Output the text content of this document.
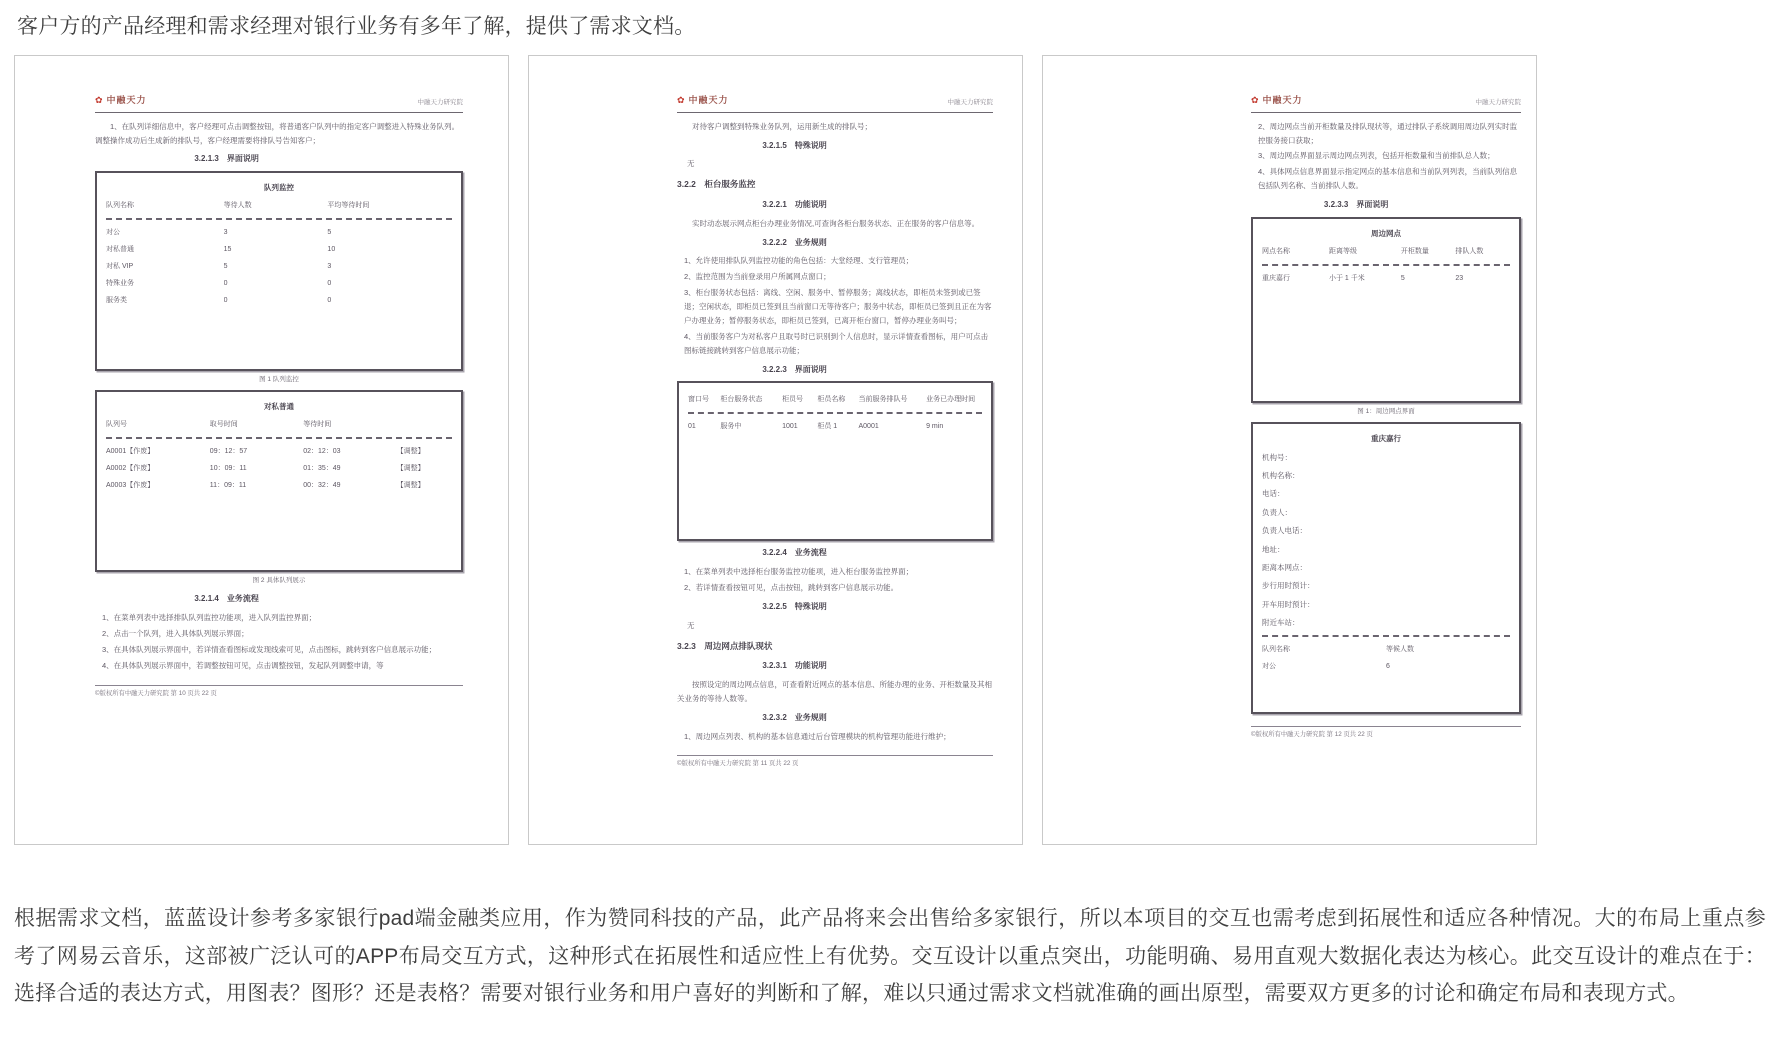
客户方的产品经理和需求经理对银行业务有多年了解，提供了需求文档。
✿ 中融天力	中融天力研究院
1、在队列详细信息中，客户经理可点击调整按钮，将普通客户队列中的指定客户调整进入特殊业务队列。调整操作成功后生成新的排队号，客户经理需要将排队号告知客户；
3.2.1.3　界面说明
队列监控
队列名称	等待人数	平均等待时间
对公	3	5
对私普通	15	10
对私 VIP	5	3
特殊业务	0	0
服务类	0	0
图 1 队列监控
对私普通
队列号	取号时间	等待时间
A0001【作废】	09：12：57	02：12：03	【调整】
A0002【作废】	10：09：11	01：35：49	【调整】
A0003【作废】	11：09：11	00：32：49	【调整】
图 2 具体队列展示
3.2.1.4　业务流程
1、在菜单列表中选择排队队列监控功能项，进入队列监控界面；
2、点击一个队列，进入具体队列展示界面；
3、在具体队列展示界面中，若详情查看图标或发现线索可见，点击图标，跳转到客户信息展示功能；
4、在具体队列展示界面中，若调整按钮可见，点击调整按钮，发起队列调整申请，等
©版权所有中融天力研究院 第 10 页共 22 页
✿ 中融天力	中融天力研究院
对待客户调整到特殊业务队列，运用新生成的排队号；
3.2.1.5　特殊说明
无
3.2.2　柜台服务监控
3.2.2.1　功能说明
实时动态展示网点柜台办理业务情况,可查询各柜台服务状态、正在服务的客户信息等。
3.2.2.2　业务规则
1、允许使用排队队列监控功能的角色包括：大堂经理、支行管理员；
2、监控范围为当前登录用户所属网点窗口；
3、柜台服务状态包括：离线、空闲、服务中、暂停服务；离线状态，即柜员未签到或已签退；空闲状态，即柜员已签到且当前窗口无等待客户；服务中状态，即柜员已签到且正在为客户办理业务；暂停服务状态，即柜员已签到，已离开柜台窗口，暂停办理业务叫号；
4、当前服务客户为对私客户且取号时已识别到个人信息时，显示详情查看图标，用户可点击图标链接跳转到客户信息展示功能；
3.2.2.3　界面说明
窗口号	柜台服务状态	柜员号	柜员名称	当前服务排队号	业务已办理时间
01	服务中	1001	柜员 1	A0001	9 min
3.2.2.4　业务流程
1、在菜单列表中选择柜台服务监控功能项，进入柜台服务监控界面；
2、若详情查看按钮可见，点击按钮，跳转到客户信息展示功能。
3.2.2.5　特殊说明
无
3.2.3　周边网点排队现状
3.2.3.1　功能说明
按照设定的周边网点信息，可查看附近网点的基本信息、所能办理的业务、开柜数量及其相关业务的等待人数等。
3.2.3.2　业务规则
1、周边网点列表、机构的基本信息通过后台管理模块的机构管理功能进行维护；
©版权所有中融天力研究院 第 11 页共 22 页
✿ 中融天力	中融天力研究院
2、周边网点当前开柜数量及排队现状等，通过排队子系统调用周边队列实时监控服务接口获取；
3、周边网点界面显示周边网点列表，包括开柜数量和当前排队总人数；
4、具体网点信息界面显示指定网点的基本信息和当前队列列表，当前队列信息包括队列名称、当前排队人数。
3.2.3.3　界面说明
周边网点
网点名称	距离等级	开柜数量	排队人数
重庆嘉行	小于 1 千米	5	23
图 1：周边网点界面
重庆嘉行
机构号：
机构名称：
电话：
负责人：
负责人电话：
地址：
距离本网点：
步行用时预计：
开车用时预计：
附近车站：
队列名称	等候人数
对公	6
©版权所有中融天力研究院 第 12 页共 22 页
根据需求文档，蓝蓝设计参考多家银行pad端金融类应用，作为赞同科技的产品，此产品将来会出售给多家银行，所以本项目的交互也需考虑到拓展性和适应各种情况。大的布局上重点参考了网易云音乐，这部被广泛认可的APP布局交互方式，这种形式在拓展性和适应性上有优势。交互设计以重点突出，功能明确、易用直观大数据化表达为核心。此交互设计的难点在于：选择合适的表达方式，用图表？图形？还是表格？需要对银行业务和用户喜好的判断和了解，难以只通过需求文档就准确的画出原型，需要双方更多的讨论和确定布局和表现方式。
